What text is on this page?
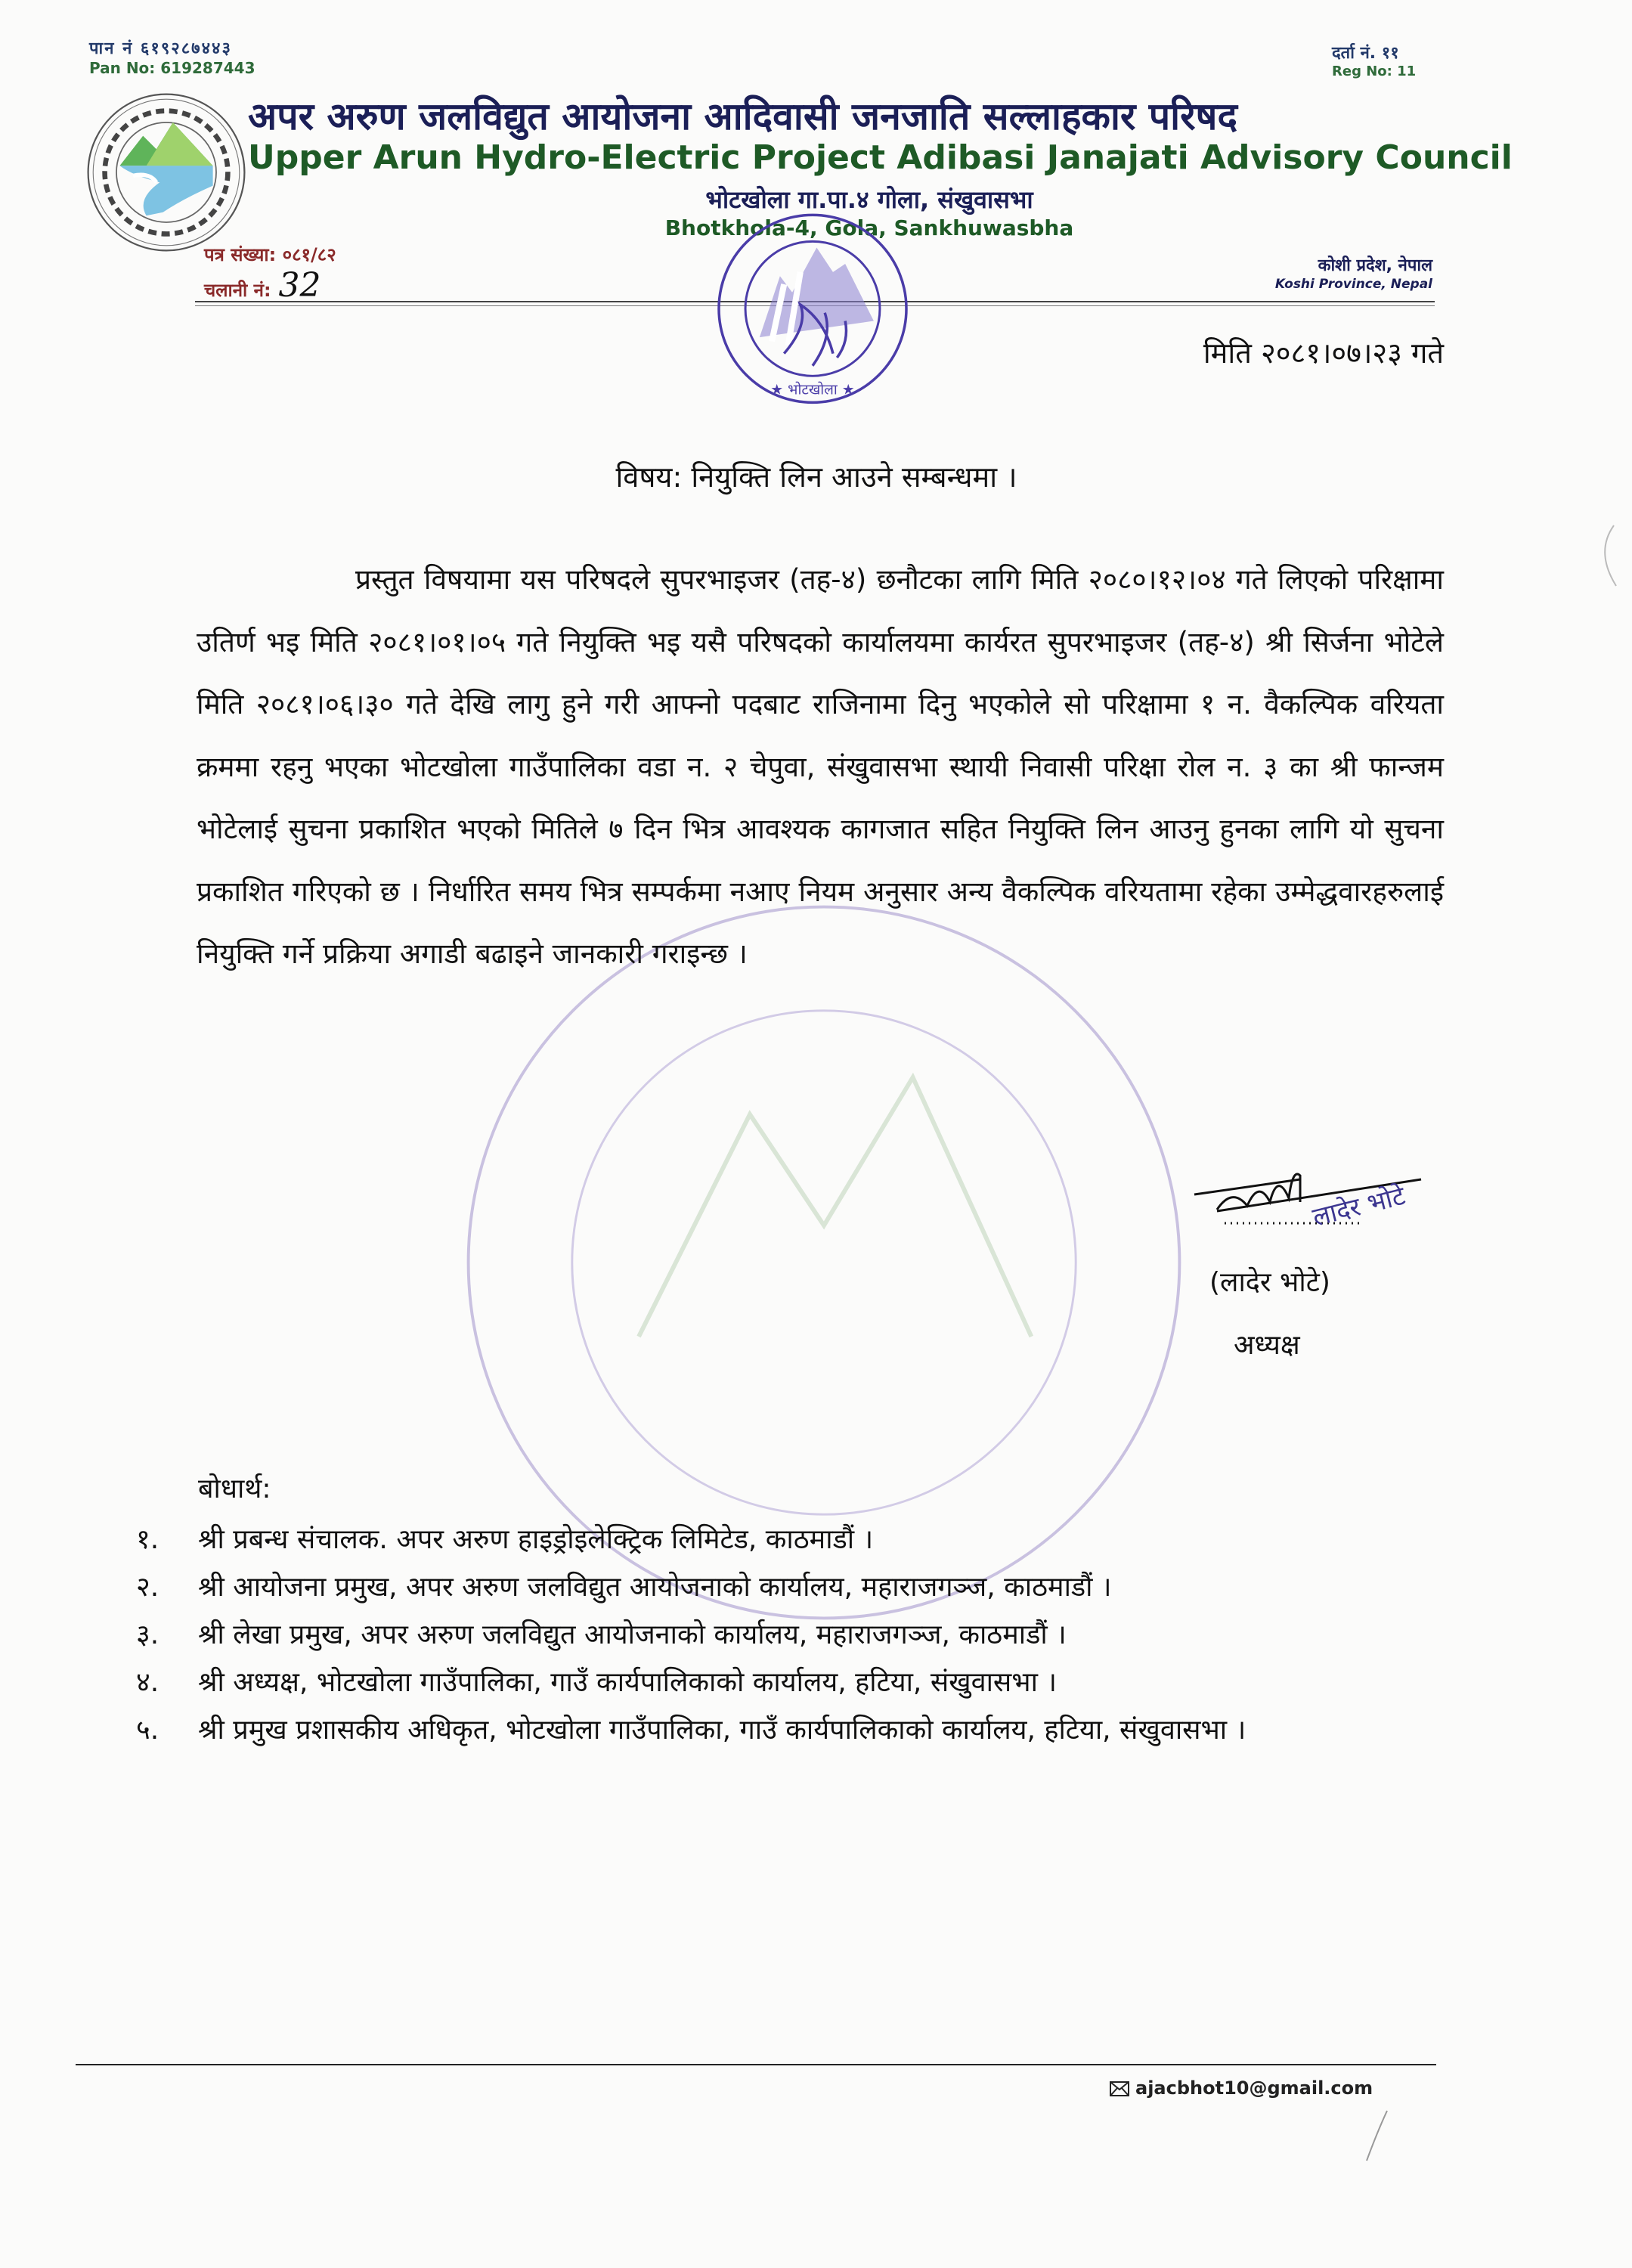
पान नं ६१९२८७४४३
Pan No: 619287443
दर्ता नं. ११
Reg No: 11
अपर अरुण जलविद्युत आयोजना आदिवासी जनजाति सल्लाहकार परिषद
Upper Arun Hydro-Electric Project Adibasi Janajati Advisory Council
भोटखोला गा.पा.४ गोला, संखुवासभा
Bhotkhola-4, Gola, Sankhuwasbha
पत्र संख्या: ०८१/८२
चलानी नं: 32
कोशी प्रदेश, नेपाल
Koshi Province, Nepal
★ भोटखोला ★
मिति २०८१।०७।२३ गते
विषय: नियुक्ति लिन आउने सम्बन्धमा ।
प्रस्तुत विषयामा यस परिषदले सुपरभाइजर (तह-४) छनौटका लागि मिति २०८०।१२।०४ गते लिएको परिक्षामा उतिर्ण भइ मिति २०८१।०१।०५ गते नियुक्ति भइ यसै परिषदको कार्यालयमा कार्यरत सुपरभाइजर (तह-४) श्री सिर्जना भोटेले मिति २०८१।०६।३० गते देखि लागु हुने गरी आफ्नो पदबाट राजिनामा दिनु भएकोले सो परिक्षामा १ न. वैकल्पिक वरियता क्रममा रहनु भएका भोटखोला गाउँपालिका वडा न. २ चेपुवा, संखुवासभा स्थायी निवासी परिक्षा रोल न. ३ का श्री फान्जम भोटेलाई सुचना प्रकाशित भएको मितिले ७ दिन भित्र आवश्यक कागजात सहित नियुक्ति लिन आउनु हुनका लागि यो सुचना प्रकाशित गरिएको छ । निर्धारित समय भित्र सम्पर्कमा नआए नियम अनुसार अन्य वैकल्पिक वरियतामा रहेका उम्मेद्धवारहरुलाई नियुक्ति गर्ने प्रक्रिया अगाडी बढाइने जानकारी गराइन्छ ।
लादेर भोटे
(लादेर भोटे)
अध्यक्ष
बोधार्थ:
१. श्री प्रबन्ध संचालक. अपर अरुण हाइड्रोइलेक्ट्रिक लिमिटेड, काठमाडौं ।
२. श्री आयोजना प्रमुख, अपर अरुण जलविद्युत आयोजनाको कार्यालय, महाराजगञ्ज, काठमाडौं ।
३. श्री लेखा प्रमुख, अपर अरुण जलविद्युत आयोजनाको कार्यालय, महाराजगञ्ज, काठमाडौं ।
४. श्री अध्यक्ष, भोटखोला गाउँपालिका, गाउँ कार्यपालिकाको कार्यालय, हटिया, संखुवासभा ।
५. श्री प्रमुख प्रशासकीय अधिकृत, भोटखोला गाउँपालिका, गाउँ कार्यपालिकाको कार्यालय, हटिया, संखुवासभा ।
ajacbhot10@gmail.com
